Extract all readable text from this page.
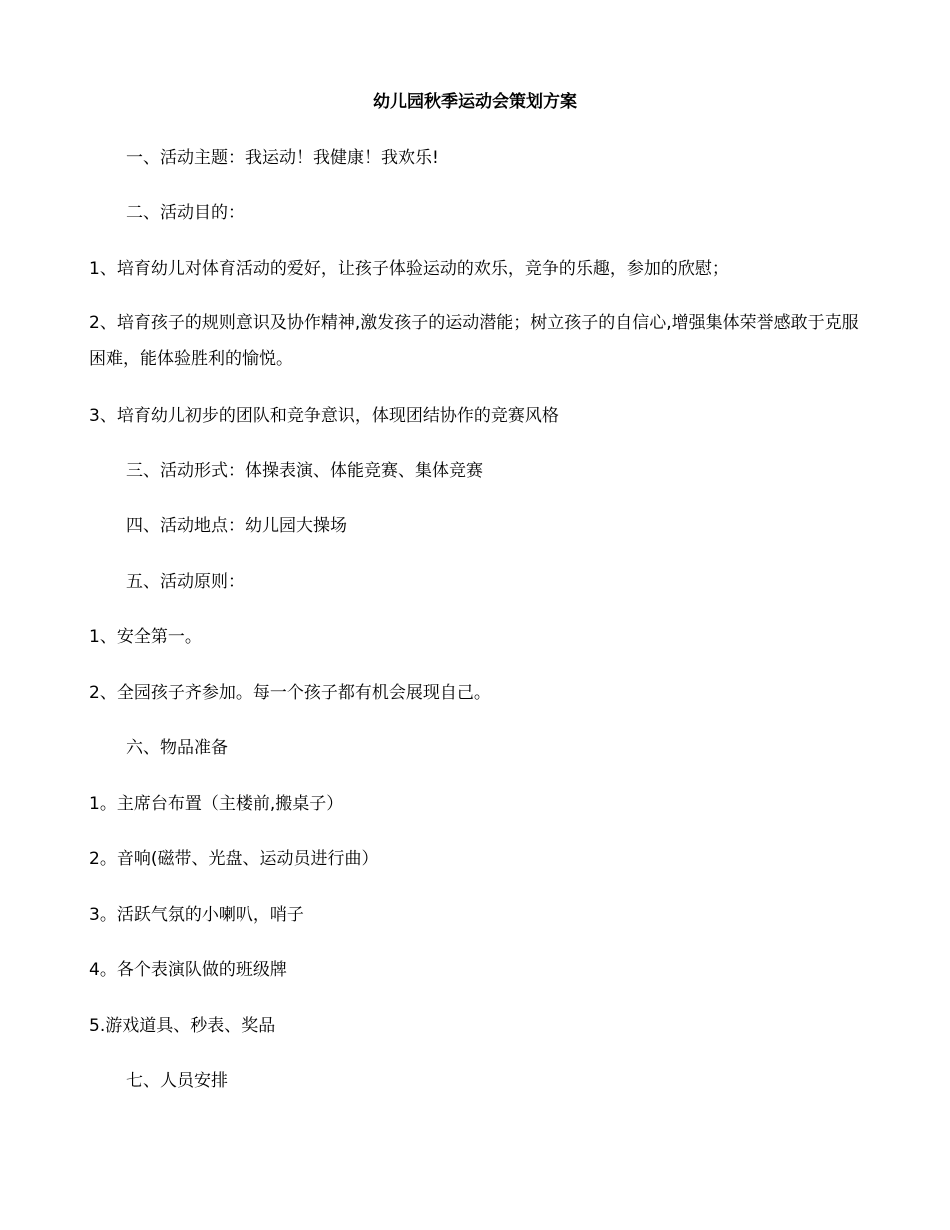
幼儿园秋季运动会策划方案
一、活动主题：我运动！我健康！我欢乐!
二、活动目的：
1、培育幼儿对体育活动的爱好，让孩子体验运动的欢乐，竞争的乐趣，参加的欣慰；
2、培育孩子的规则意识及协作精神,激发孩子的运动潜能；树立孩子的自信心,增强集体荣誉感敢于克服困难，能体验胜利的愉悦。
3、培育幼儿初步的团队和竞争意识，体现团结协作的竞赛风格
三、活动形式：体操表演、体能竞赛、集体竞赛
四、活动地点：幼儿园大操场
五、活动原则：
1、安全第一。
2、全园孩子齐参加。每一个孩子都有机会展现自己。
六、物品准备
1。主席台布置（主楼前,搬桌子）
2。音响(磁带、光盘、运动员进行曲）
3。活跃气氛的小喇叭，哨子
4。各个表演队做的班级牌
5.游戏道具、秒表、奖品
七、人员安排
